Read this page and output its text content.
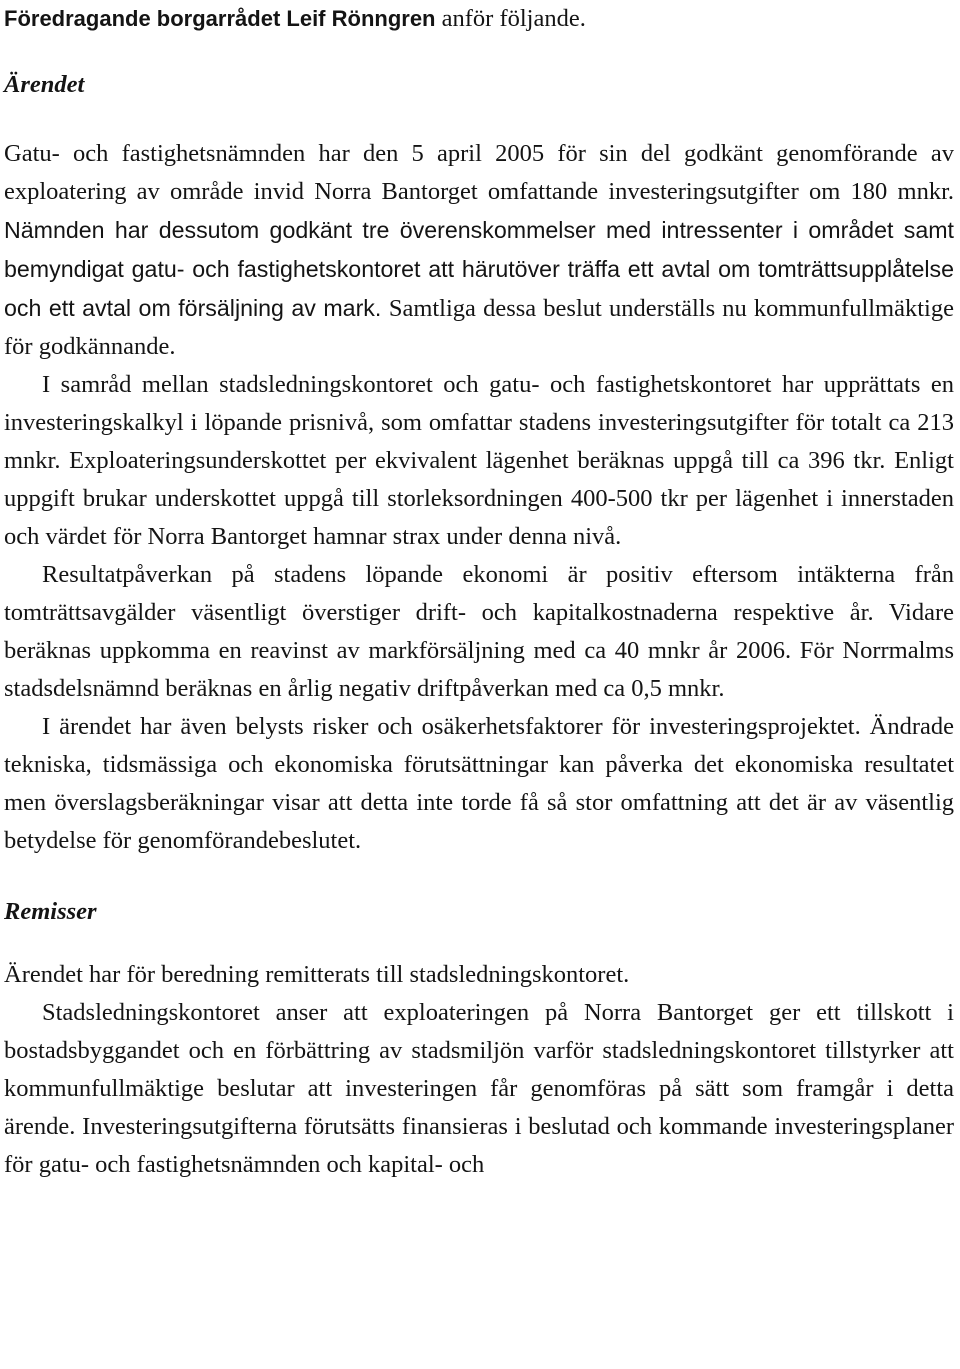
Föredragande borgarrådet Leif Rönngren anför följande.

Ärendet

Gatu- och fastighetsnämnden har den 5 april 2005 för sin del godkänt genomförande av exploatering av område invid Norra Bantorget omfattande investeringsutgifter om 180 mnkr. Nämnden har dessutom godkänt tre överenskommelser med intressenter i området samt bemyndigat gatu- och fastighetskontoret att härutöver träffa ett avtal om tomträttsupplåtelse och ett avtal om försäljning av mark. Samtliga dessa beslut underställs nu kommunfullmäktige för godkännande.

I samråd mellan stadsledningskontoret och gatu- och fastighetskontoret har upprättats en investeringskalkyl i löpande prisnivå, som omfattar stadens investeringsutgifter för totalt ca 213 mnkr. Exploateringsunderskottet per ekvivalent lägenhet beräknas uppgå till ca 396 tkr. Enligt uppgift brukar underskottet uppgå till storleksordningen 400-500 tkr per lägenhet i innerstaden och värdet för Norra Bantorget hamnar strax under denna nivå.

Resultatpåverkan på stadens löpande ekonomi är positiv eftersom intäkterna från tomträttsavgälder väsentligt överstiger drift- och kapitalkostnaderna respektive år. Vidare beräknas uppkomma en reavinst av markförsäljning med ca 40 mnkr år 2006. För Norrmalms stadsdelsnämnd beräknas en årlig negativ driftpåverkan med ca 0,5 mnkr.

I ärendet har även belysts risker och osäkerhetsfaktorer för investeringsprojektet. Ändrade tekniska, tidsmässiga och ekonomiska förutsättningar kan påverka det ekonomiska resultatet men överslagsberäkningar visar att detta inte torde få så stor omfattning att det är av väsentlig betydelse för genomförandebeslutet.

Remisser

Ärendet har för beredning remitterats till stadsledningskontoret.

Stadsledningskontoret anser att exploateringen på Norra Bantorget ger ett tillskott i bostadsbyggandet och en förbättring av stadsmiljön varför stadsledningskontoret tillstyrker att kommunfullmäktige beslutar att investeringen får genomföras på sätt som framgår i detta ärende. Investeringsutgifterna förutsätts finansieras i beslutad och kommande investeringsplaner för gatu- och fastighetsnämnden och kapital- och
